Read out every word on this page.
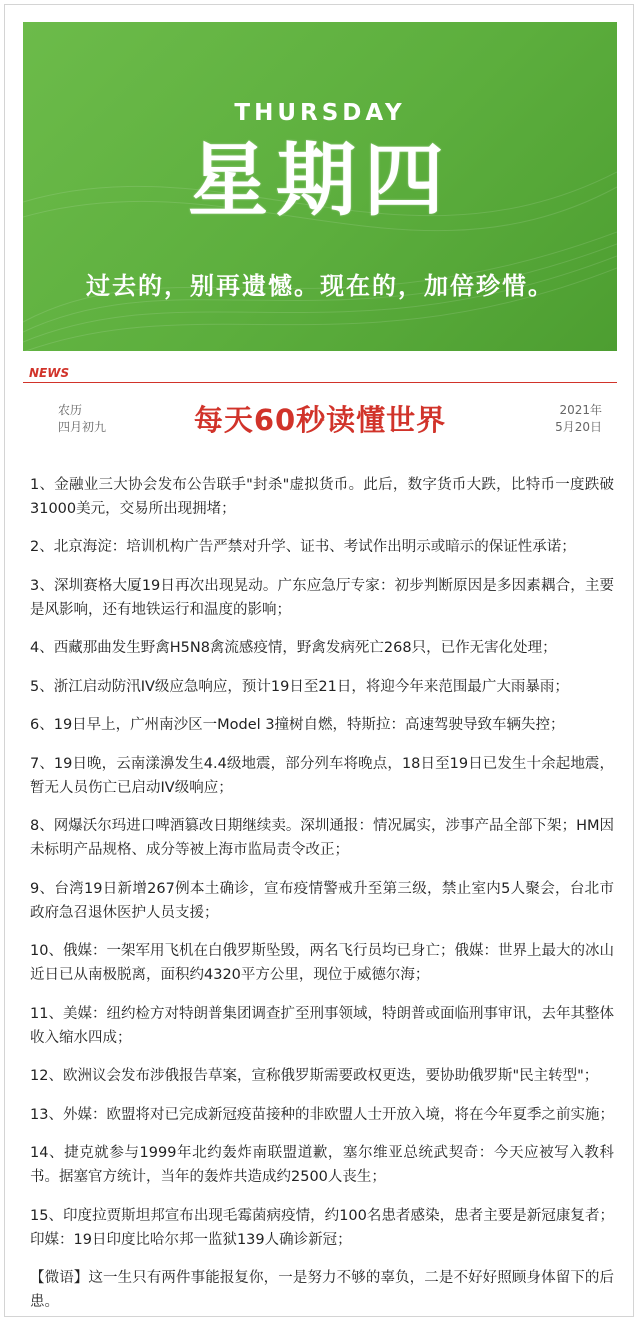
THURSDAY
星期四
过去的，别再遗憾。现在的，加倍珍惜。
NEWS
农历
四月初九	每天60秒读懂世界	2021年
5月20日

1、金融业三大协会发布公告联手"封杀"虚拟货币。此后，数字货币大跌，比特币一度跌破31000美元，交易所出现拥堵；

2、北京海淀：培训机构广告严禁对升学、证书、考试作出明示或暗示的保证性承诺；

3、深圳赛格大厦19日再次出现晃动。广东应急厅专家：初步判断原因是多因素耦合，主要是风影响，还有地铁运行和温度的影响；

4、西藏那曲发生野禽H5N8禽流感疫情，野禽发病死亡268只，已作无害化处理；

5、浙江启动防汛IV级应急响应，预计19日至21日，将迎今年来范围最广大雨暴雨；

6、19日早上，广州南沙区一Model 3撞树自燃，特斯拉：高速驾驶导致车辆失控；

7、19日晚，云南漾濞发生4.4级地震，部分列车将晚点，18日至19日已发生十余起地震，暂无人员伤亡已启动IV级响应；

8、网爆沃尔玛进口啤酒篡改日期继续卖。深圳通报：情况属实，涉事产品全部下架；HM因未标明产品规格、成分等被上海市监局责令改正；

9、台湾19日新增267例本土确诊，宣布疫情警戒升至第三级，禁止室内5人聚会，台北市政府急召退休医护人员支援；

10、俄媒：一架军用飞机在白俄罗斯坠毁，两名飞行员均已身亡；俄媒：世界上最大的冰山近日已从南极脱离，面积约4320平方公里，现位于威德尔海；

11、美媒：纽约检方对特朗普集团调查扩至刑事领域，特朗普或面临刑事审讯，去年其整体收入缩水四成；

12、欧洲议会发布涉俄报告草案，宣称俄罗斯需要政权更迭，要协助俄罗斯"民主转型"；

13、外媒：欧盟将对已完成新冠疫苗接种的非欧盟人士开放入境，将在今年夏季之前实施；

14、捷克就参与1999年北约轰炸南联盟道歉，塞尔维亚总统武契奇：今天应被写入教科书。据塞官方统计，当年的轰炸共造成约2500人丧生；

15、印度拉贾斯坦邦宣布出现毛霉菌病疫情，约100名患者感染，患者主要是新冠康复者；印媒：19日印度比哈尔邦一监狱139人确诊新冠；

【微语】这一生只有两件事能报复你，一是努力不够的辜负，二是不好好照顾身体留下的后患。
